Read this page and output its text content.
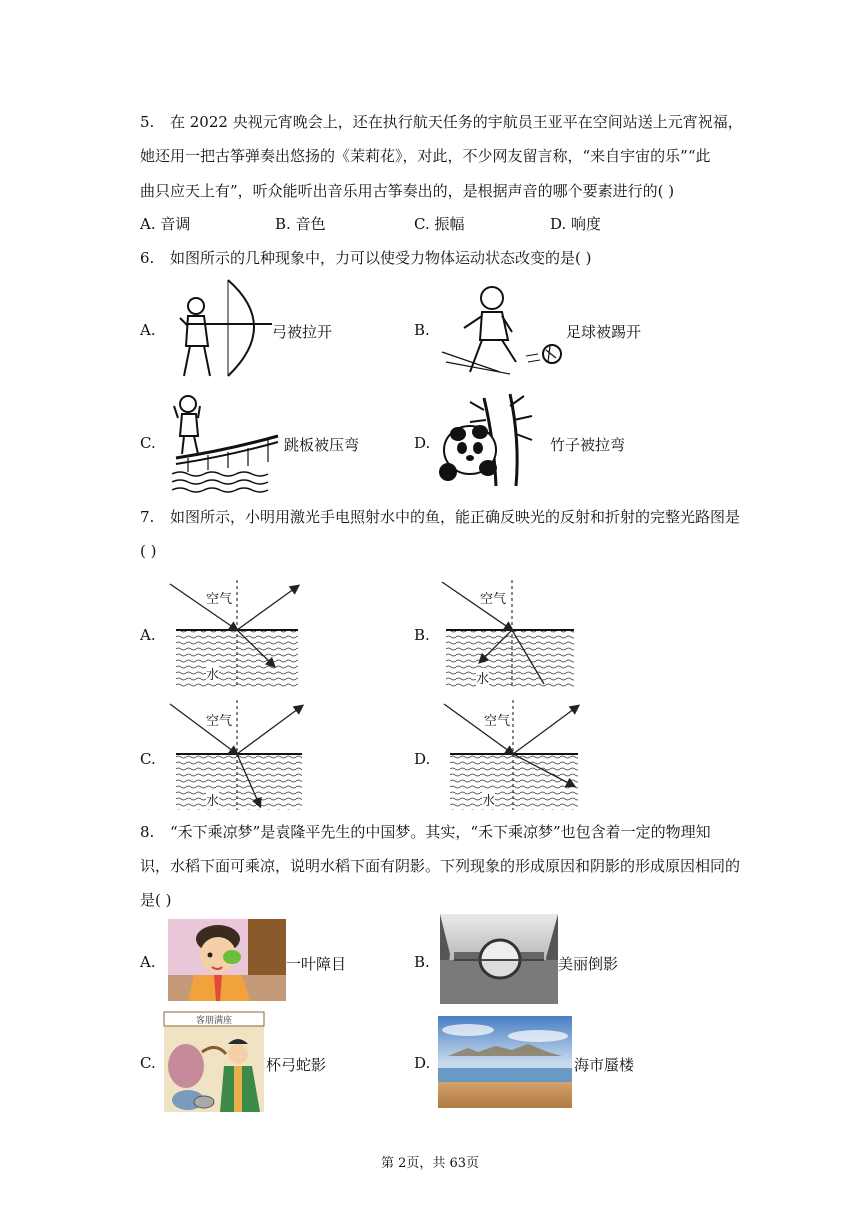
5. 在 2022 央视元宵晚会上，还在执行航天任务的宇航员王亚平在空间站送上元宵祝福，
她还用一把古筝弹奏出悠扬的《茉莉花》，对此，不少网友留言称，“来自宇宙的乐”“此
曲只应天上有”，听众能听出音乐用古筝奏出的，是根据声音的哪个要素进行的( )
A. 音调	B. 音色	C. 振幅	D. 响度
6. 如图所示的几种现象中，力可以使受力物体运动状态改变的是( )
A.	弓被拉开	B.	足球被踢开
C.	跳板被压弯	D.	竹子被拉弯
7. 如图所示，小明用激光手电照射水中的鱼，能正确反映光的反射和折射的完整光路图是
( )
A.
空气
水
B.
空气
水
C.
空气
水
D.
空气
水
8. “禾下乘凉梦”是袁隆平先生的中国梦。其实，“禾下乘凉梦”也包含着一定的物理知
识，水稻下面可乘凉，说明水稻下面有阴影。下列现象的形成原因和阴影的形成原因相同的
是( )
A.	一叶障目	B.	美丽倒影
C.
客朋满座
杯弓蛇影	D.	海市蜃楼
第 2页，共 63页
